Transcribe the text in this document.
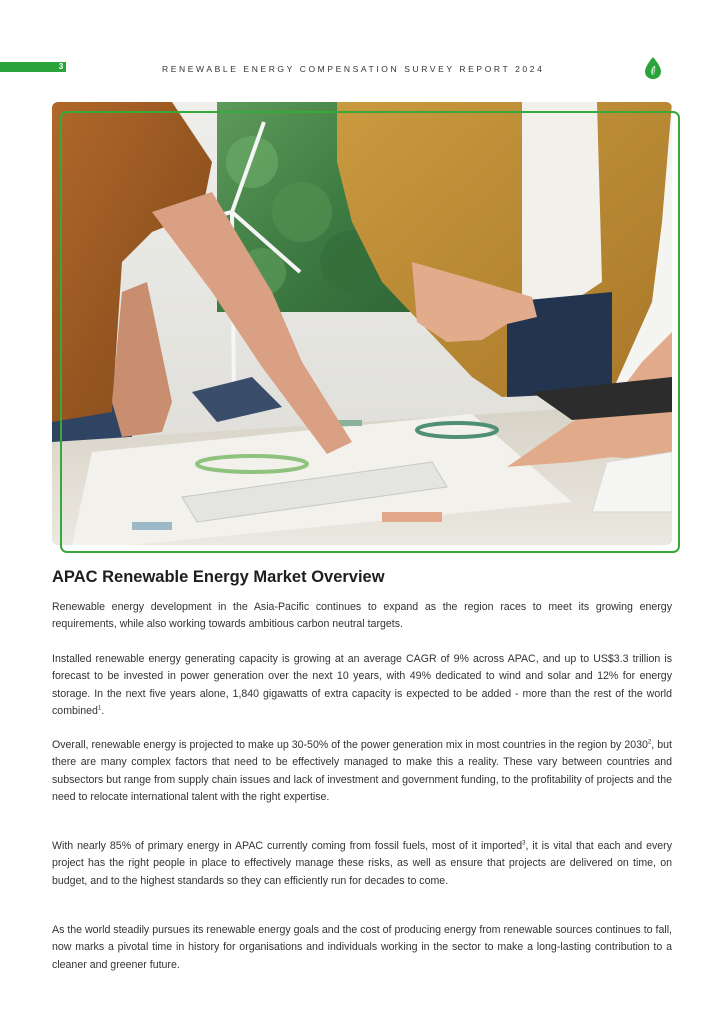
3	RENEWABLE ENERGY COMPENSATION SURVEY REPORT 2024
APAC Renewable Energy Market Overview

Renewable energy development in the Asia-Pacific continues to expand as the region races to meet its growing energy requirements, while also working towards ambitious carbon neutral targets.

Installed renewable energy generating capacity is growing at an average CAGR of 9% across APAC, and up to US$3.3 trillion is forecast to be invested in power generation over the next 10 years, with 49% dedicated to wind and solar and 12% for energy storage. In the next five years alone, 1,840 gigawatts of extra capacity is expected to be added - more than the rest of the world combined$^1$.

Overall, renewable energy is projected to make up 30-50% of the power generation mix in most countries in the region by 2030$^2$, but there are many complex factors that need to be effectively managed to make this a reality. These vary between countries and subsectors but range from supply chain issues and lack of investment and government funding, to the profitability of projects and the need to relocate international talent with the right expertise.

With nearly 85% of primary energy in APAC currently coming from fossil fuels, most of it imported$^3$, it is vital that each and every project has the right people in place to effectively manage these risks, as well as ensure that projects are delivered on time, on budget, and to the highest standards so they can efficiently run for decades to come.

As the world steadily pursues its renewable energy goals and the cost of producing energy from renewable sources continues to fall, now marks a pivotal time in history for organisations and individuals working in the sector to make a long-lasting contribution to a cleaner and greener future.
